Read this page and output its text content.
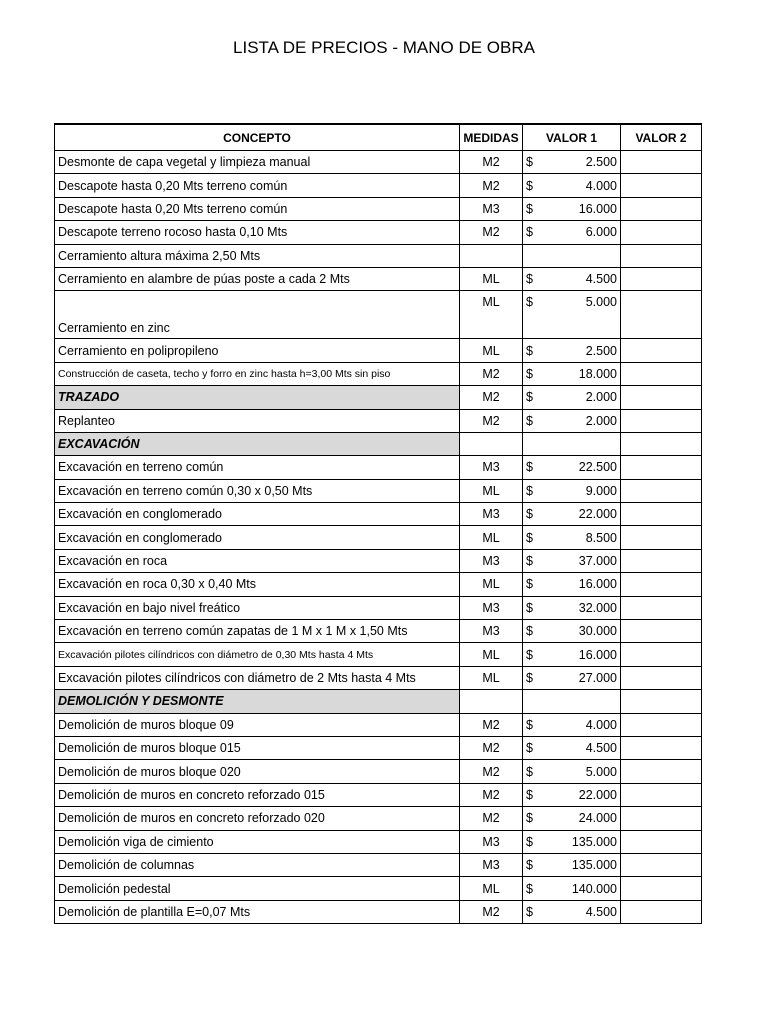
LISTA DE PRECIOS - MANO DE OBRA
CONCEPTO	MEDIDAS	VALOR 1	VALOR 2
Desmonte de capa vegetal y limpieza manual	M2	$ 2.500	

Descapote hasta 0,20 Mts terreno común	M2	$ 4.000	

Descapote hasta 0,20 Mts terreno común	M3	$ 16.000	

Descapote terreno rocoso hasta 0,10 Mts	M2	$ 6.000	

Cerramiento altura máxima 2,50 Mts			
Cerramiento en alambre de púas poste a cada 2 Mts	ML	$ 4.500	

Cerramiento en zinc	ML	$ 5.000	

Cerramiento en polipropileno	ML	$ 2.500	

Construcción de caseta, techo y forro en zinc hasta h=3,00 Mts sin piso	M2	$ 18.000	

TRAZADO	M2	$ 2.000	

Replanteo	M2	$ 2.000	

EXCAVACIÓN			
Excavación en terreno común	M3	$ 22.500	

Excavación en terreno común 0,30 x 0,50 Mts	ML	$ 9.000	

Excavación en conglomerado	M3	$ 22.000	

Excavación en conglomerado	ML	$ 8.500	

Excavación en roca	M3	$ 37.000	

Excavación en roca 0,30 x 0,40 Mts	ML	$ 16.000	

Excavación en bajo nivel freático	M3	$ 32.000	

Excavación en terreno común zapatas de 1 M x 1 M x 1,50 Mts	M3	$ 30.000	

Excavación pilotes cilíndricos con diámetro de 0,30 Mts hasta 4 Mts	ML	$ 16.000	

Excavación pilotes cilíndricos con diámetro de 2 Mts hasta 4 Mts	ML	$ 27.000	

DEMOLICIÓN Y DESMONTE			
Demolición de muros bloque 09	M2	$ 4.000	

Demolición de muros bloque 015	M2	$ 4.500	

Demolición de muros bloque 020	M2	$ 5.000	

Demolición de muros en concreto reforzado 015	M2	$ 22.000	

Demolición de muros en concreto reforzado 020	M2	$ 24.000	

Demolición viga de cimiento	M3	$ 135.000	

Demolición de columnas	M3	$ 135.000	

Demolición pedestal	ML	$ 140.000	

Demolición de plantilla E=0,07 Mts	M2	$ 4.500	
